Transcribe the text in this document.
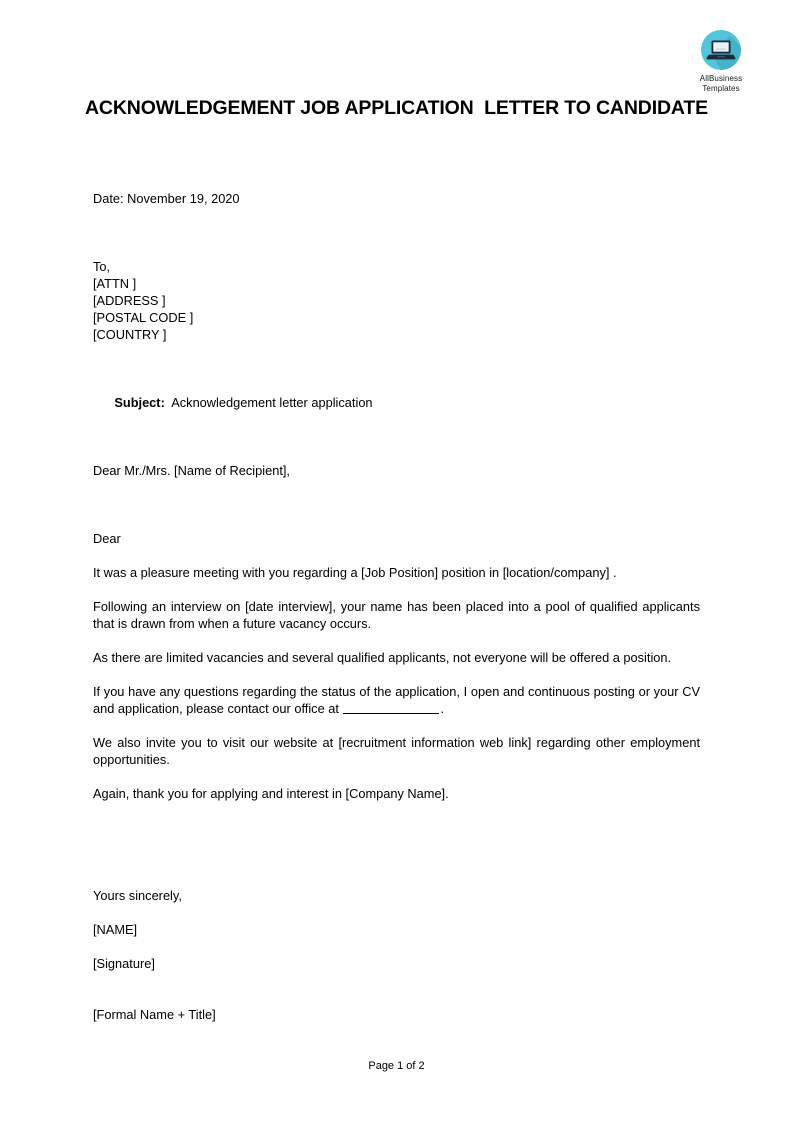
AllBusiness
Templates
ACKNOWLEDGEMENT JOB APPLICATION  LETTER TO CANDIDATE
Date: November 19, 2020
To,
[ATTN ]
[ADDRESS ]
[POSTAL CODE ]
[COUNTRY ]

Subject: Acknowledgement letter application

Dear Mr./Mrs. [Name of Recipient],
Dear

It was a pleasure meeting with you regarding a [Job Position] position in [location/company] .

Following an interview on [date interview], your name has been placed into a pool of qualified applicants that is drawn from when a future vacancy occurs.

As there are limited vacancies and several qualified applicants, not everyone will be offered a position.

If you have any questions regarding the status of the application, I open and continuous posting or your CV and application, please contact our office at	.

We also invite you to visit our website at [recruitment information web link] regarding other employment opportunities.

Again, thank you for applying and interest in [Company Name].

Yours sincerely,
[NAME]
[Signature]
[Formal Name + Title]
Page 1 of 2
